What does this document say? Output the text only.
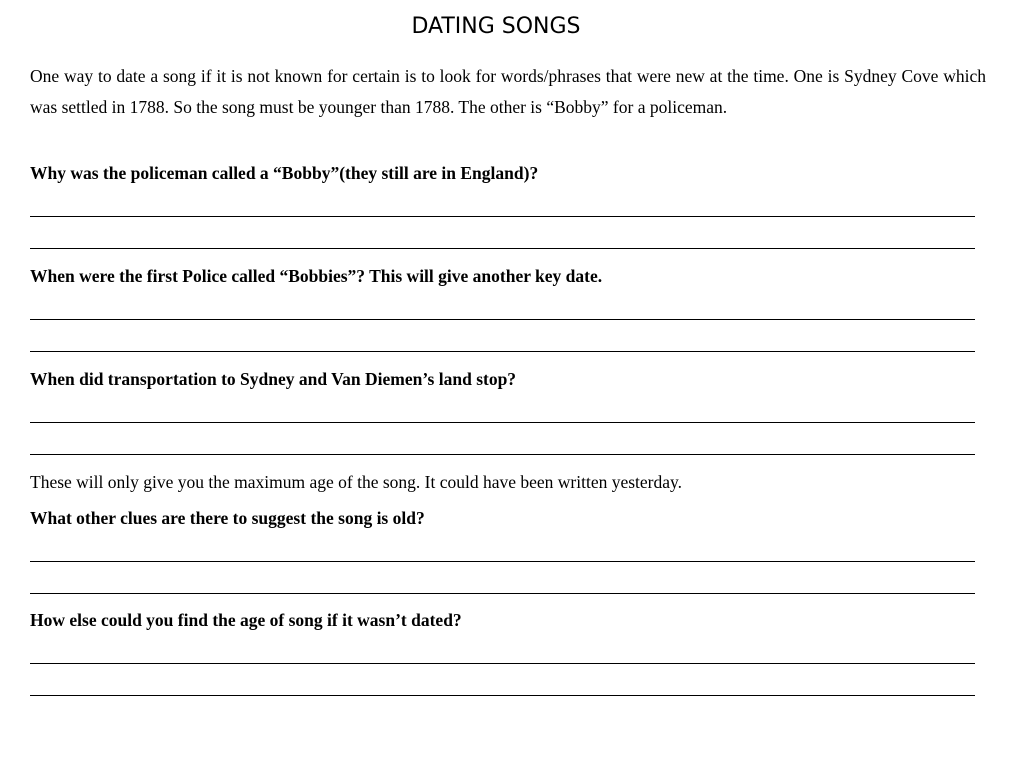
DATING SONGS
One way to date a song if it is not known for certain is to look for words/phrases that were new at the time. One is Sydney Cove which was settled in 1788. So the song must be younger than 1788. The other is “Bobby” for a policeman.
Why was the policeman called a “Bobby”(they still are in England)?
When were the first Police called “Bobbies”? This will give another key date.
When did transportation to Sydney and Van Diemen’s land stop?
These will only give you the maximum age of the song. It could have been written yesterday.
What other clues are there to suggest the song is old?
How else could you find the age of song if it wasn’t dated?
